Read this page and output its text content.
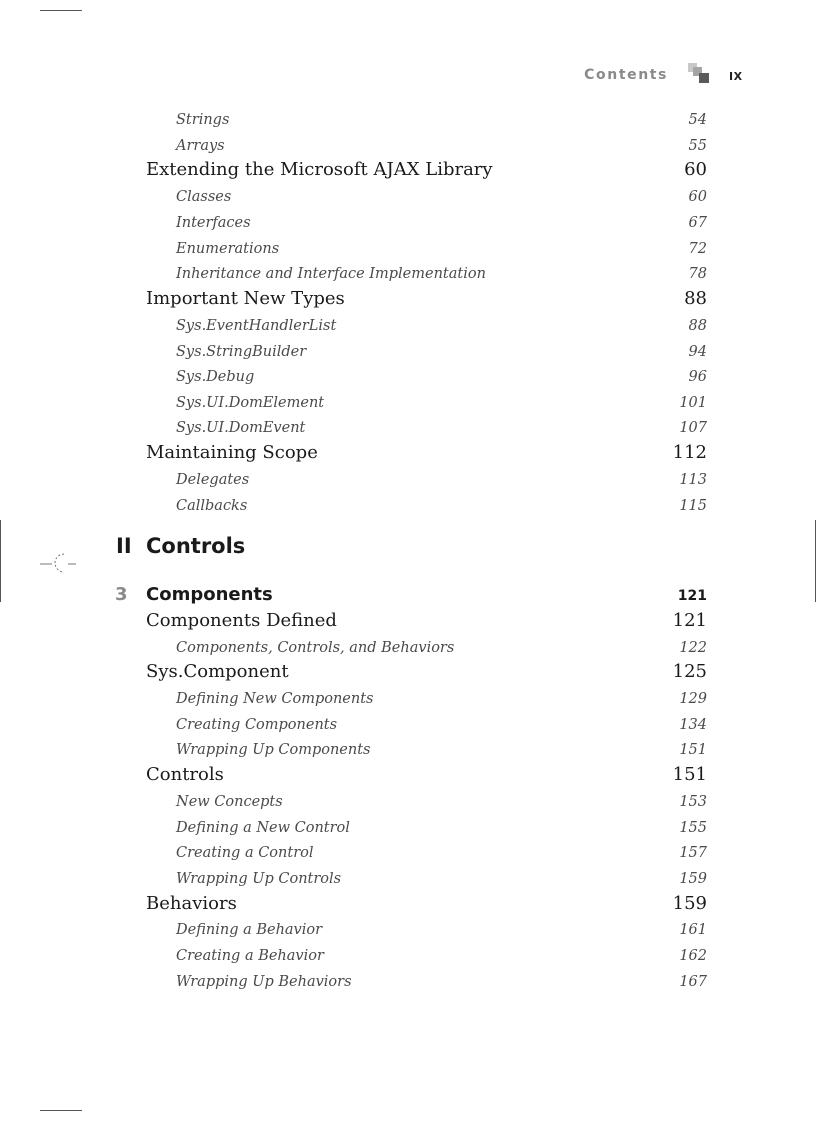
Contents	IX
Strings	54
Arrays	55
Extending the Microsoft AJAX Library	60
Classes	60
Interfaces	67
Enumerations	72
Inheritance and Interface Implementation	78
Important New Types	88
Sys.EventHandlerList	88
Sys.StringBuilder	94
Sys.Debug	96
Sys.UI.DomElement	101
Sys.UI.DomEvent	107
Maintaining Scope	112
Delegates	113
Callbacks	115
II Controls
3 Components	121
Components Defined	121
Components, Controls, and Behaviors	122
Sys.Component	125
Defining New Components	129
Creating Components	134
Wrapping Up Components	151
Controls	151
New Concepts	153
Defining a New Control	155
Creating a Control	157
Wrapping Up Controls	159
Behaviors	159
Defining a Behavior	161
Creating a Behavior	162
Wrapping Up Behaviors	167
